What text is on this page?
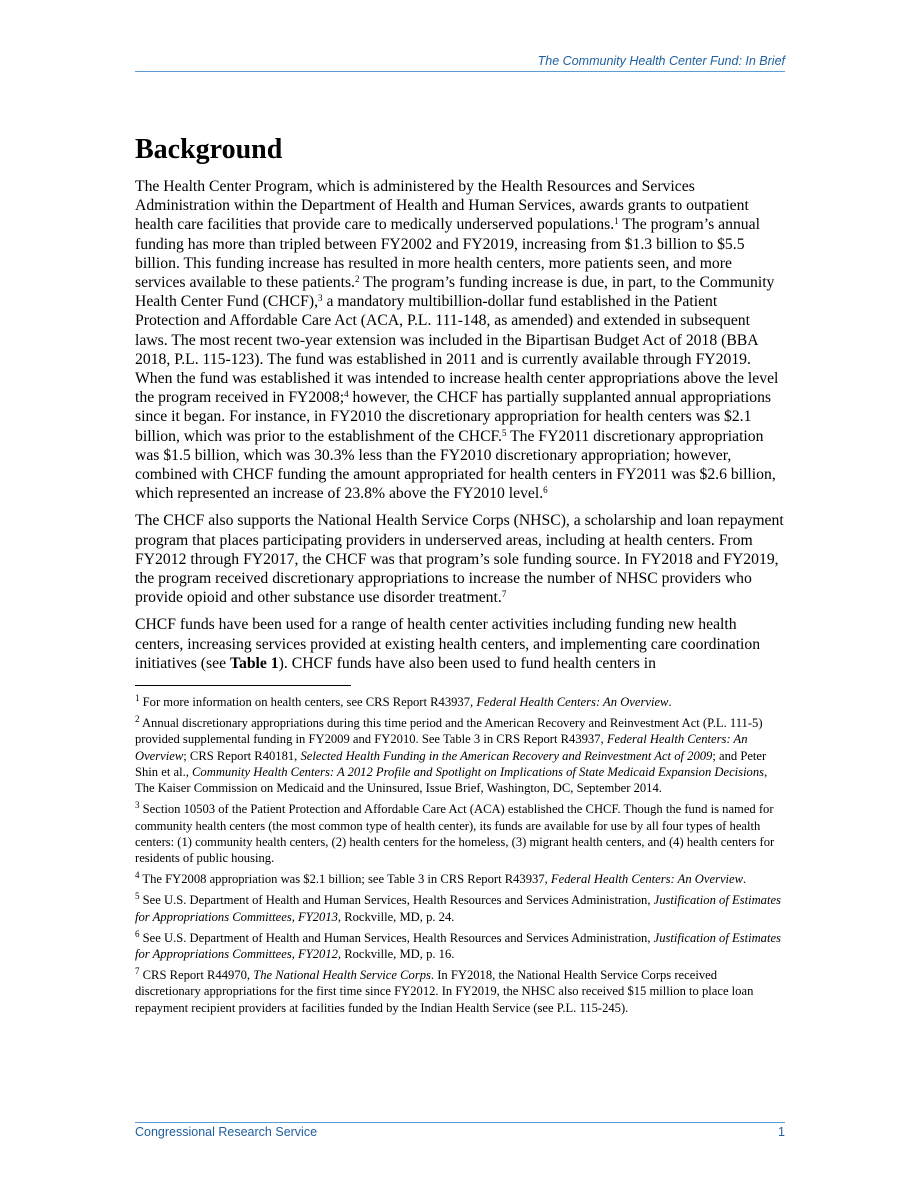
The Community Health Center Fund: In Brief
Background

The Health Center Program, which is administered by the Health Resources and Services Administration within the Department of Health and Human Services, awards grants to outpatient health care facilities that provide care to medically underserved populations.$^1$ The program’s annual funding has more than tripled between FY2002 and FY2019, increasing from $1.3 billion to $5.5 billion. This funding increase has resulted in more health centers, more patients seen, and more services available to these patients.$^2$ The program’s funding increase is due, in part, to the Community Health Center Fund (CHCF),$^3$ a mandatory multibillion-dollar fund established in the Patient Protection and Affordable Care Act (ACA, P.L. 111-148, as amended) and extended in subsequent laws. The most recent two-year extension was included in the Bipartisan Budget Act of 2018 (BBA 2018, P.L. 115-123). The fund was established in 2011 and is currently available through FY2019. When the fund was established it was intended to increase health center appropriations above the level the program received in FY2008;$^4$ however, the CHCF has partially supplanted annual appropriations since it began. For instance, in FY2010 the discretionary appropriation for health centers was $2.1 billion, which was prior to the establishment of the CHCF.$^5$ The FY2011 discretionary appropriation was $1.5 billion, which was 30.3% less than the FY2010 discretionary appropriation; however, combined with CHCF funding the amount appropriated for health centers in FY2011 was $2.6 billion, which represented an increase of 23.8% above the FY2010 level.$^6$

The CHCF also supports the National Health Service Corps (NHSC), a scholarship and loan repayment program that places participating providers in underserved areas, including at health centers. From FY2012 through FY2017, the CHCF was that program’s sole funding source. In FY2018 and FY2019, the program received discretionary appropriations to increase the number of NHSC providers who provide opioid and other substance use disorder treatment.$^7$

CHCF funds have been used for a range of health center activities including funding new health centers, increasing services provided at existing health centers, and implementing care coordination initiatives (see Table 1). CHCF funds have also been used to fund health centers in

$^1$ For more information on health centers, see CRS Report R43937, Federal Health Centers: An Overview.

$^2$ Annual discretionary appropriations during this time period and the American Recovery and Reinvestment Act (P.L. 111-5) provided supplemental funding in FY2009 and FY2010. See Table 3 in CRS Report R43937, Federal Health Centers: An Overview; CRS Report R40181, Selected Health Funding in the American Recovery and Reinvestment Act of 2009; and Peter Shin et al., Community Health Centers: A 2012 Profile and Spotlight on Implications of State Medicaid Expansion Decisions, The Kaiser Commission on Medicaid and the Uninsured, Issue Brief, Washington, DC, September 2014.

$^3$ Section 10503 of the Patient Protection and Affordable Care Act (ACA) established the CHCF. Though the fund is named for community health centers (the most common type of health center), its funds are available for use by all four types of health centers: (1) community health centers, (2) health centers for the homeless, (3) migrant health centers, and (4) health centers for residents of public housing.

$^4$ The FY2008 appropriation was $2.1 billion; see Table 3 in CRS Report R43937, Federal Health Centers: An Overview.

$^5$ See U.S. Department of Health and Human Services, Health Resources and Services Administration, Justification of Estimates for Appropriations Committees, FY2013, Rockville, MD, p. 24.

$^6$ See U.S. Department of Health and Human Services, Health Resources and Services Administration, Justification of Estimates for Appropriations Committees, FY2012, Rockville, MD, p. 16.

$^7$ CRS Report R44970, The National Health Service Corps. In FY2018, the National Health Service Corps received discretionary appropriations for the first time since FY2012. In FY2019, the NHSC also received $15 million to place loan repayment recipient providers at facilities funded by the Indian Health Service (see P.L. 115-245).

Congressional Research Service	1
